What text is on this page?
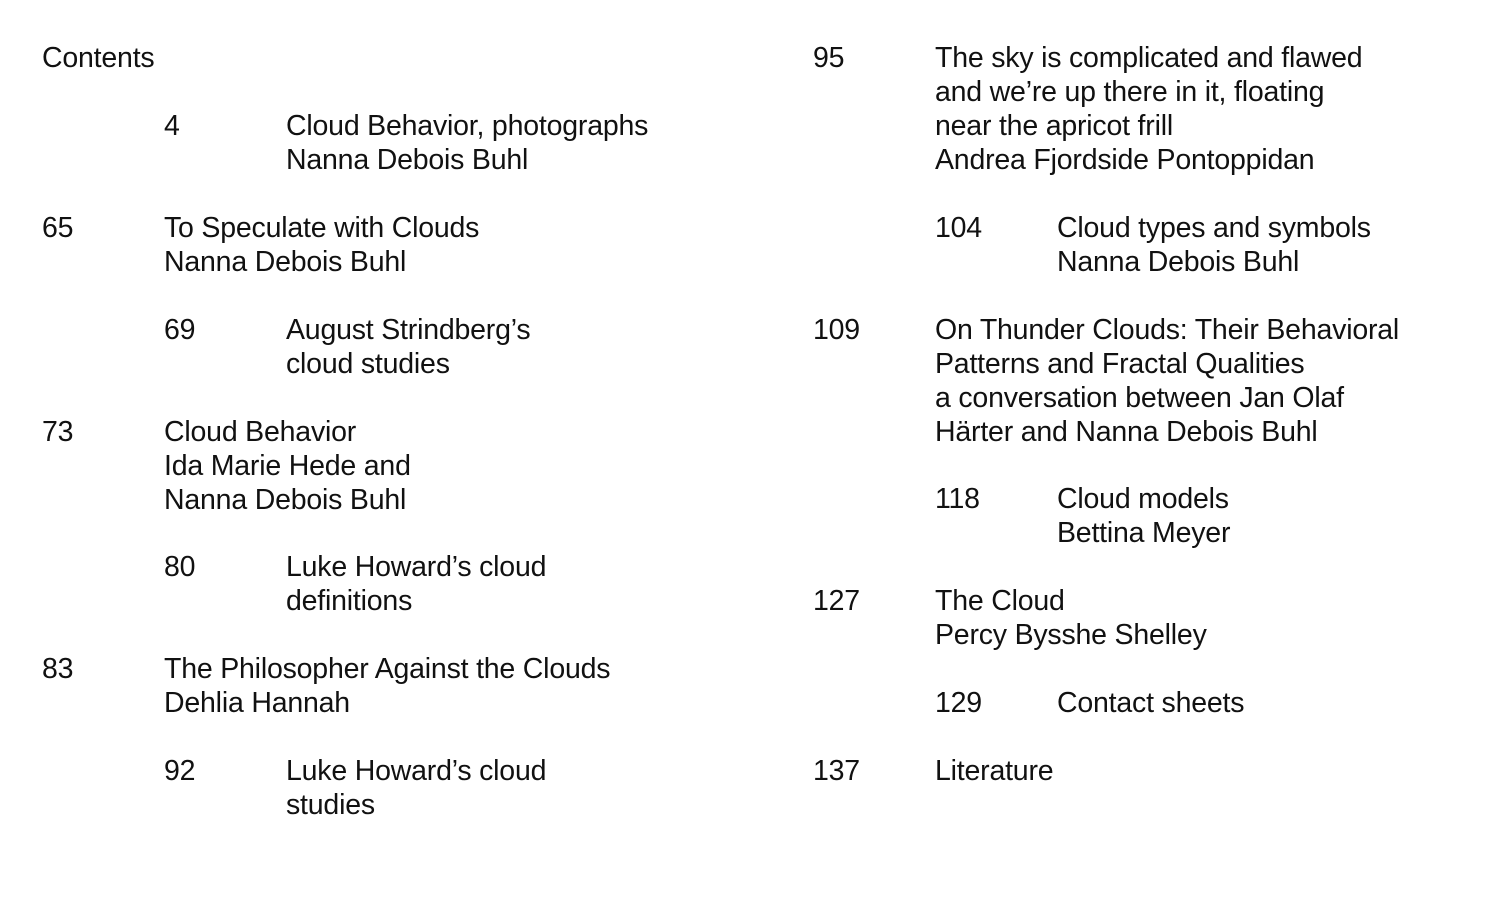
Contents
4	Cloud Behavior, photographs
Nanna Debois Buhl
65	To Speculate with Clouds
Nanna Debois Buhl
69	August Strindberg’s
cloud studies
73	Cloud Behavior
Ida Marie Hede and
Nanna Debois Buhl
80	Luke Howard’s cloud
definitions
83	The Philosopher Against the Clouds
Dehlia Hannah
92	Luke Howard’s cloud
studies
95	The sky is complicated and flawed
and we’re up there in it, floating
near the apricot frill
Andrea Fjordside Pontoppidan
104	Cloud types and symbols
Nanna Debois Buhl
109	On Thunder Clouds: Their Behavioral
Patterns and Fractal Qualities
a conversation between Jan Olaf
Härter and Nanna Debois Buhl
118	Cloud models
Bettina Meyer
127	The Cloud
Percy Bysshe Shelley
129	Contact sheets
137	Literature
